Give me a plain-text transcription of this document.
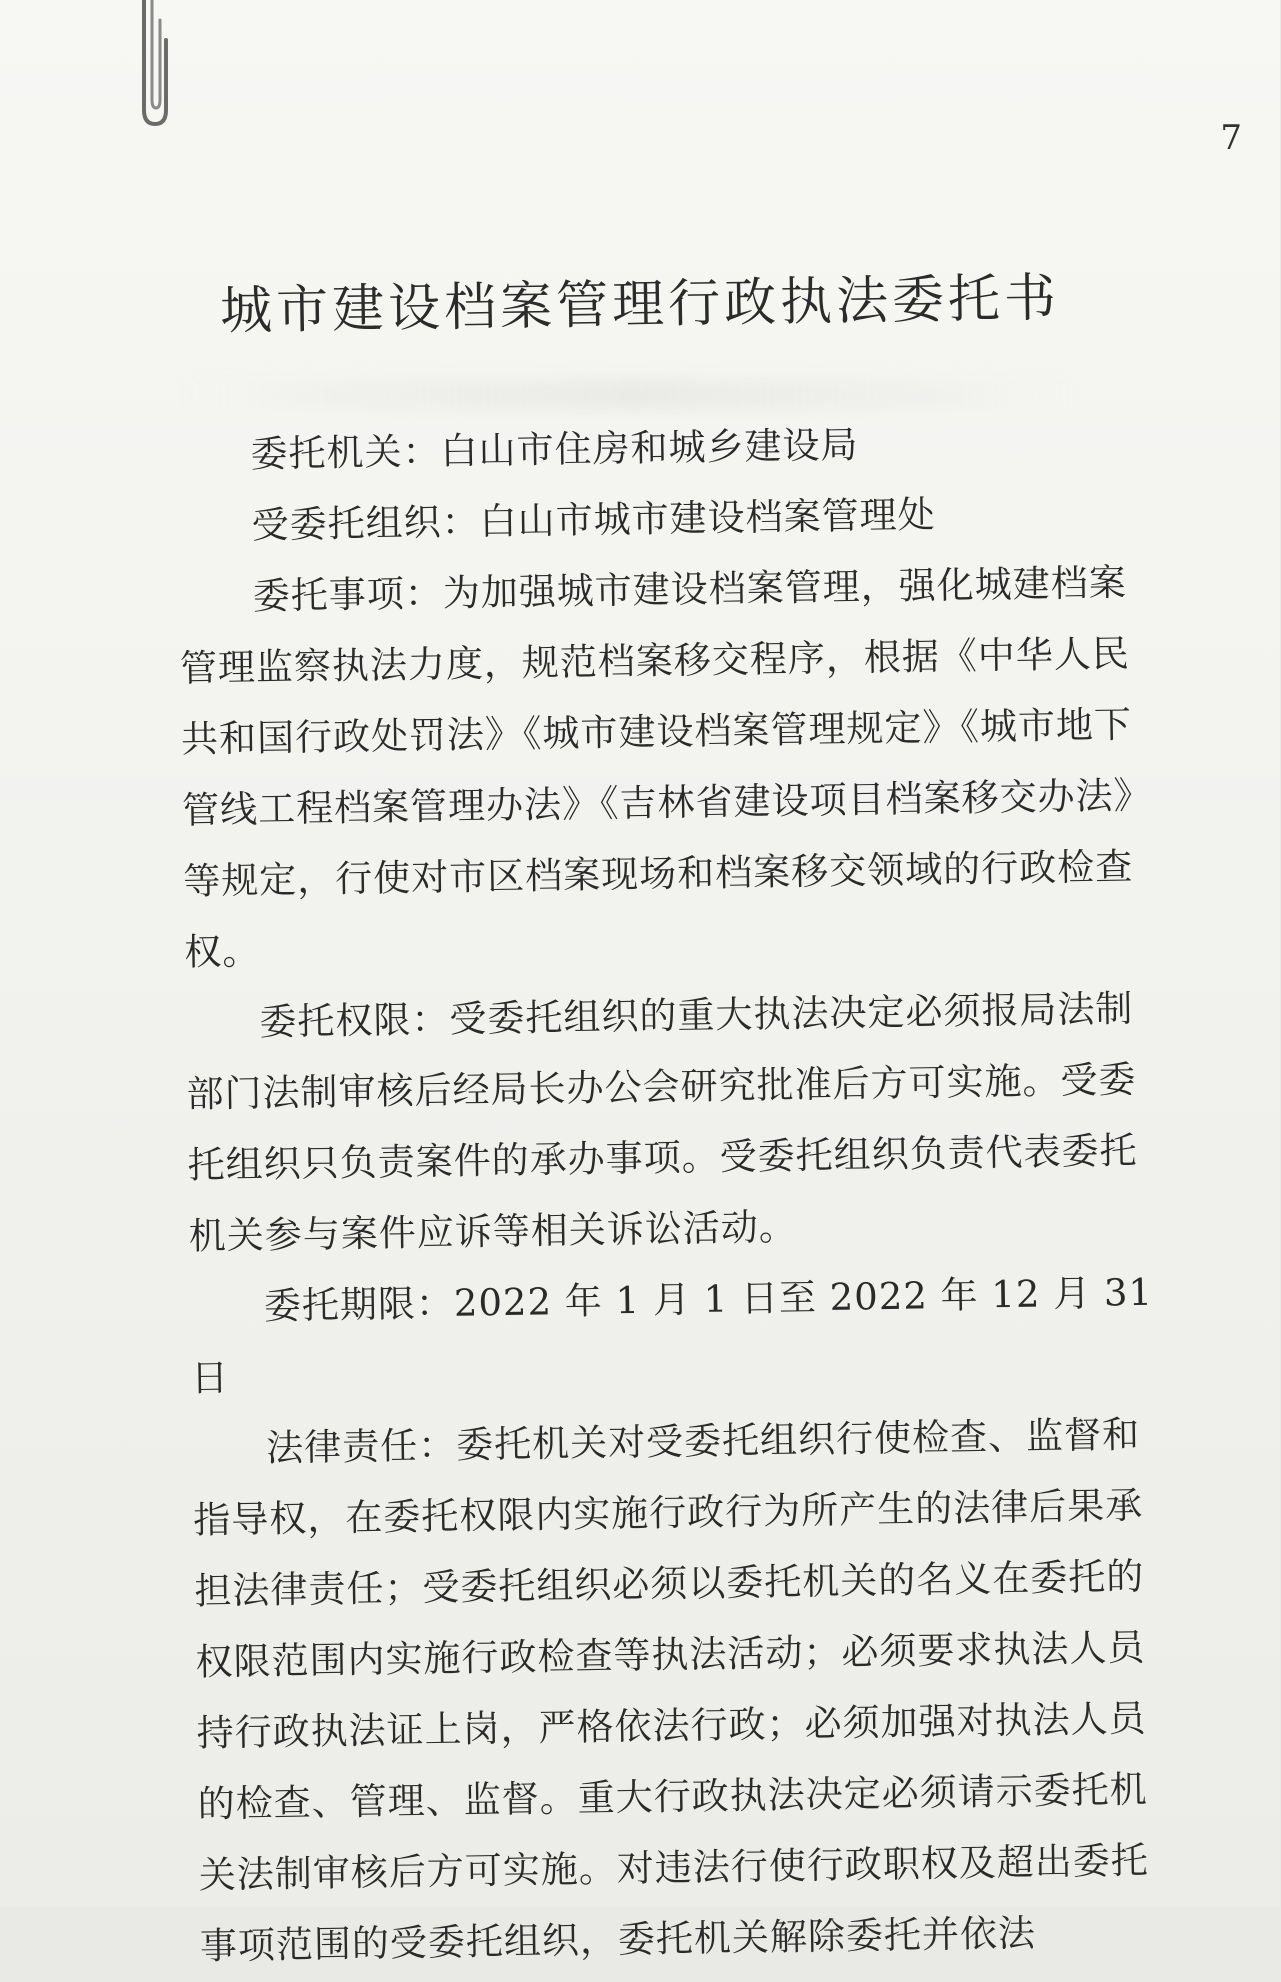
7
城市建设档案管理行政执法委托书

委托机关：白山市住房和城乡建设局

受委托组织：白山市城市建设档案管理处

委托事项：为加强城市建设档案管理，强化城建档案管理监察执法力度，规范档案移交程序，根据《中华人民共和国行政处罚法》《城市建设档案管理规定》《城市地下管线工程档案管理办法》《吉林省建设项目档案移交办法》等规定，行使对市区档案现场和档案移交领域的行政检查权。

委托权限：受委托组织的重大执法决定必须报局法制部门法制审核后经局长办公会研究批准后方可实施。受委托组织只负责案件的承办事项。受委托组织负责代表委托机关参与案件应诉等相关诉讼活动。

委托期限：2022 年 1 月 1 日至 2022 年 12 月 31 日

法律责任：委托机关对受委托组织行使检查、监督和指导权，在委托权限内实施行政行为所产生的法律后果承担法律责任；受委托组织必须以委托机关的名义在委托的权限范围内实施行政检查等执法活动；必须要求执法人员持行政执法证上岗，严格依法行政；必须加强对执法人员的检查、管理、监督。重大行政执法决定必须请示委托机关法制审核后方可实施。对违法行使行政职权及超出委托事项范围的受委托组织，委托机关解除委托并依法
